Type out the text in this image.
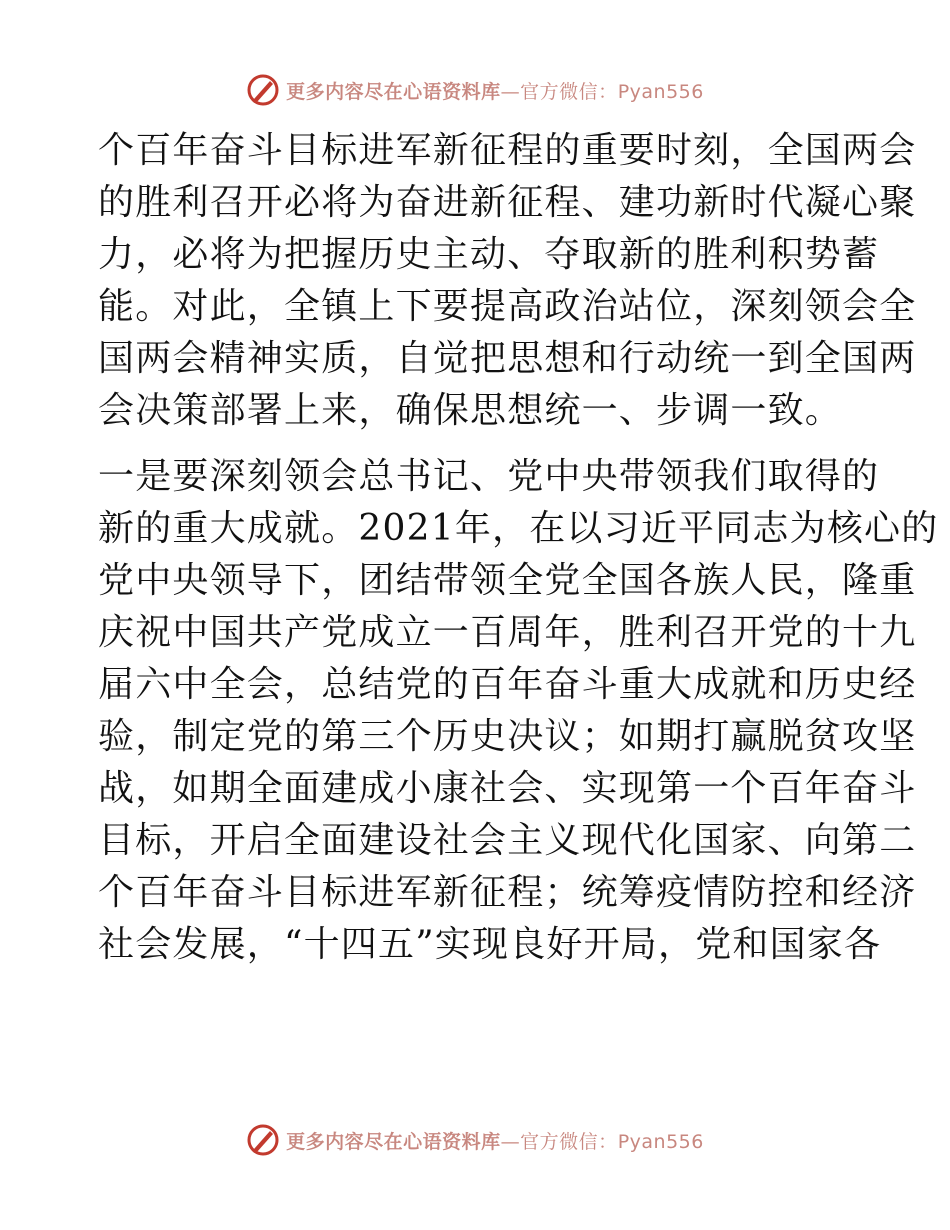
更多内容尽在心语资料库—官方微信：Pyan556
个百年奋斗目标进军新征程的重要时刻，全国两会
的胜利召开必将为奋进新征程、建功新时代凝心聚
力，必将为把握历史主动、夺取新的胜利积势蓄
能。对此，全镇上下要提高政治站位，深刻领会全
国两会精神实质，自觉把思想和行动统一到全国两
会决策部署上来，确保思想统一、步调一致。
一是要深刻领会总书记、党中央带领我们取得的
新的重大成就。2021年，在以习近平同志为核心的
党中央领导下，团结带领全党全国各族人民，隆重
庆祝中国共产党成立一百周年，胜利召开党的十九
届六中全会，总结党的百年奋斗重大成就和历史经
验，制定党的第三个历史决议；如期打赢脱贫攻坚
战，如期全面建成小康社会、实现第一个百年奋斗
目标，开启全面建设社会主义现代化国家、向第二
个百年奋斗目标进军新征程；统筹疫情防控和经济
社会发展，“十四五”实现良好开局，党和国家各
更多内容尽在心语资料库—官方微信：Pyan556
